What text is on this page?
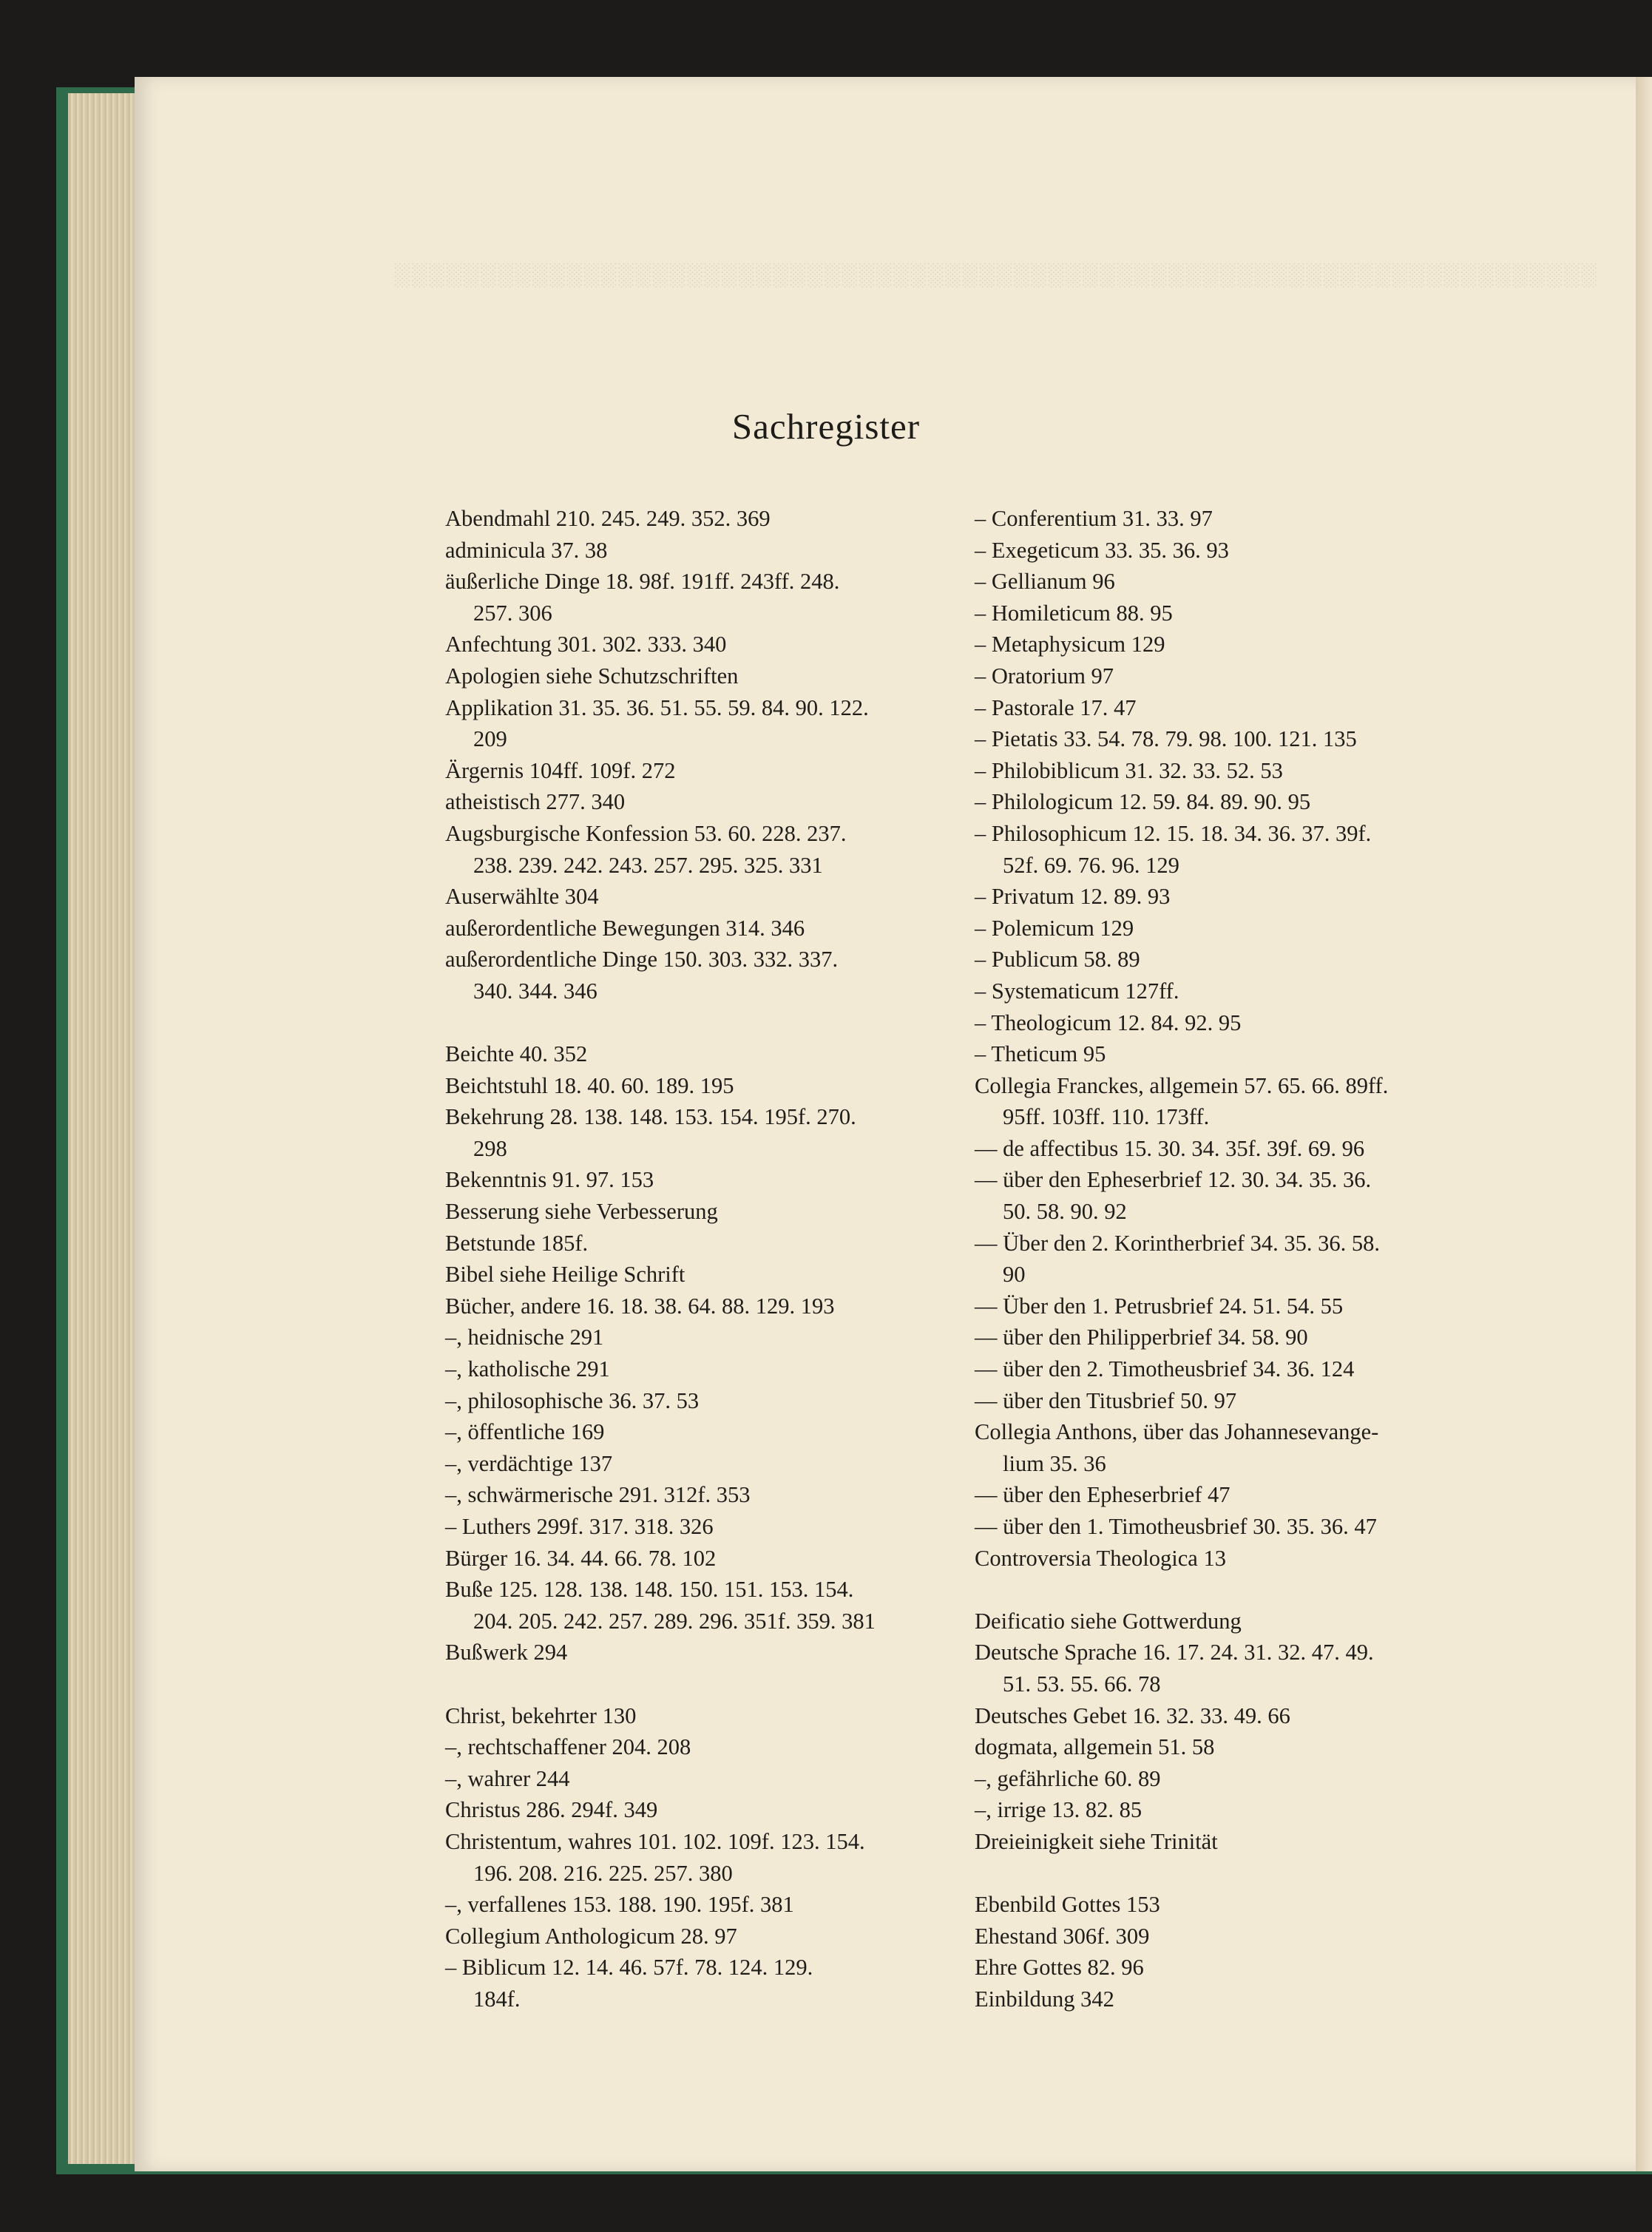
░░░░░░░░░░░░░░░░░░░░░░░░░░░░░░░░░░░░░░░░░░░░░░░░░░░░░░░░░░░░░░░░░░░░░░
Sachregister
Abendmahl 210. 245. 249. 352. 369
adminicula 37. 38
äußerliche Dinge 18. 98f. 191ff. 243ff. 248.
257. 306
Anfechtung 301. 302. 333. 340
Apologien siehe Schutzschriften
Applikation 31. 35. 36. 51. 55. 59. 84. 90. 122.
209
Ärgernis 104ff. 109f. 272
atheistisch 277. 340
Augsburgische Konfession 53. 60. 228. 237.
238. 239. 242. 243. 257. 295. 325. 331
Auserwählte 304
außerordentliche Bewegungen 314. 346
außerordentliche Dinge 150. 303. 332. 337.
340. 344. 346
Beichte 40. 352
Beichtstuhl 18. 40. 60. 189. 195
Bekehrung 28. 138. 148. 153. 154. 195f. 270.
298
Bekenntnis 91. 97. 153
Besserung siehe Verbesserung
Betstunde 185f.
Bibel siehe Heilige Schrift
Bücher, andere 16. 18. 38. 64. 88. 129. 193
–, heidnische 291
–, katholische 291
–, philosophische 36. 37. 53
–, öffentliche 169
–, verdächtige 137
–, schwärmerische 291. 312f. 353
– Luthers 299f. 317. 318. 326
Bürger 16. 34. 44. 66. 78. 102
Buße 125. 128. 138. 148. 150. 151. 153. 154.
204. 205. 242. 257. 289. 296. 351f. 359. 381
Bußwerk 294
Christ, bekehrter 130
–, rechtschaffener 204. 208
–, wahrer 244
Christus 286. 294f. 349
Christentum, wahres 101. 102. 109f. 123. 154.
196. 208. 216. 225. 257. 380
–, verfallenes 153. 188. 190. 195f. 381
Collegium Anthologicum 28. 97
– Biblicum 12. 14. 46. 57f. 78. 124. 129.
184f.
– Conferentium 31. 33. 97
– Exegeticum 33. 35. 36. 93
– Gellianum 96
– Homileticum 88. 95
– Metaphysicum 129
– Oratorium 97
– Pastorale 17. 47
– Pietatis 33. 54. 78. 79. 98. 100. 121. 135
– Philobiblicum 31. 32. 33. 52. 53
– Philologicum 12. 59. 84. 89. 90. 95
– Philosophicum 12. 15. 18. 34. 36. 37. 39f.
52f. 69. 76. 96. 129
– Privatum 12. 89. 93
– Polemicum 129
– Publicum 58. 89
– Systematicum 127ff.
– Theologicum 12. 84. 92. 95
– Theticum 95
Collegia Franckes, allgemein 57. 65. 66. 89ff.
95ff. 103ff. 110. 173ff.
–– de affectibus 15. 30. 34. 35f. 39f. 69. 96
–– über den Epheserbrief 12. 30. 34. 35. 36.
50. 58. 90. 92
–– Über den 2. Korintherbrief 34. 35. 36. 58.
90
–– Über den 1. Petrusbrief 24. 51. 54. 55
–– über den Philipperbrief 34. 58. 90
–– über den 2. Timotheusbrief 34. 36. 124
–– über den Titusbrief 50. 97
Collegia Anthons, über das Johannesevange-
lium 35. 36
–– über den Epheserbrief 47
–– über den 1. Timotheusbrief 30. 35. 36. 47
Controversia Theologica 13
Deificatio siehe Gottwerdung
Deutsche Sprache 16. 17. 24. 31. 32. 47. 49.
51. 53. 55. 66. 78
Deutsches Gebet 16. 32. 33. 49. 66
dogmata, allgemein 51. 58
–, gefährliche 60. 89
–, irrige 13. 82. 85
Dreieinigkeit siehe Trinität
Ebenbild Gottes 153
Ehestand 306f. 309
Ehre Gottes 82. 96
Einbildung 342
